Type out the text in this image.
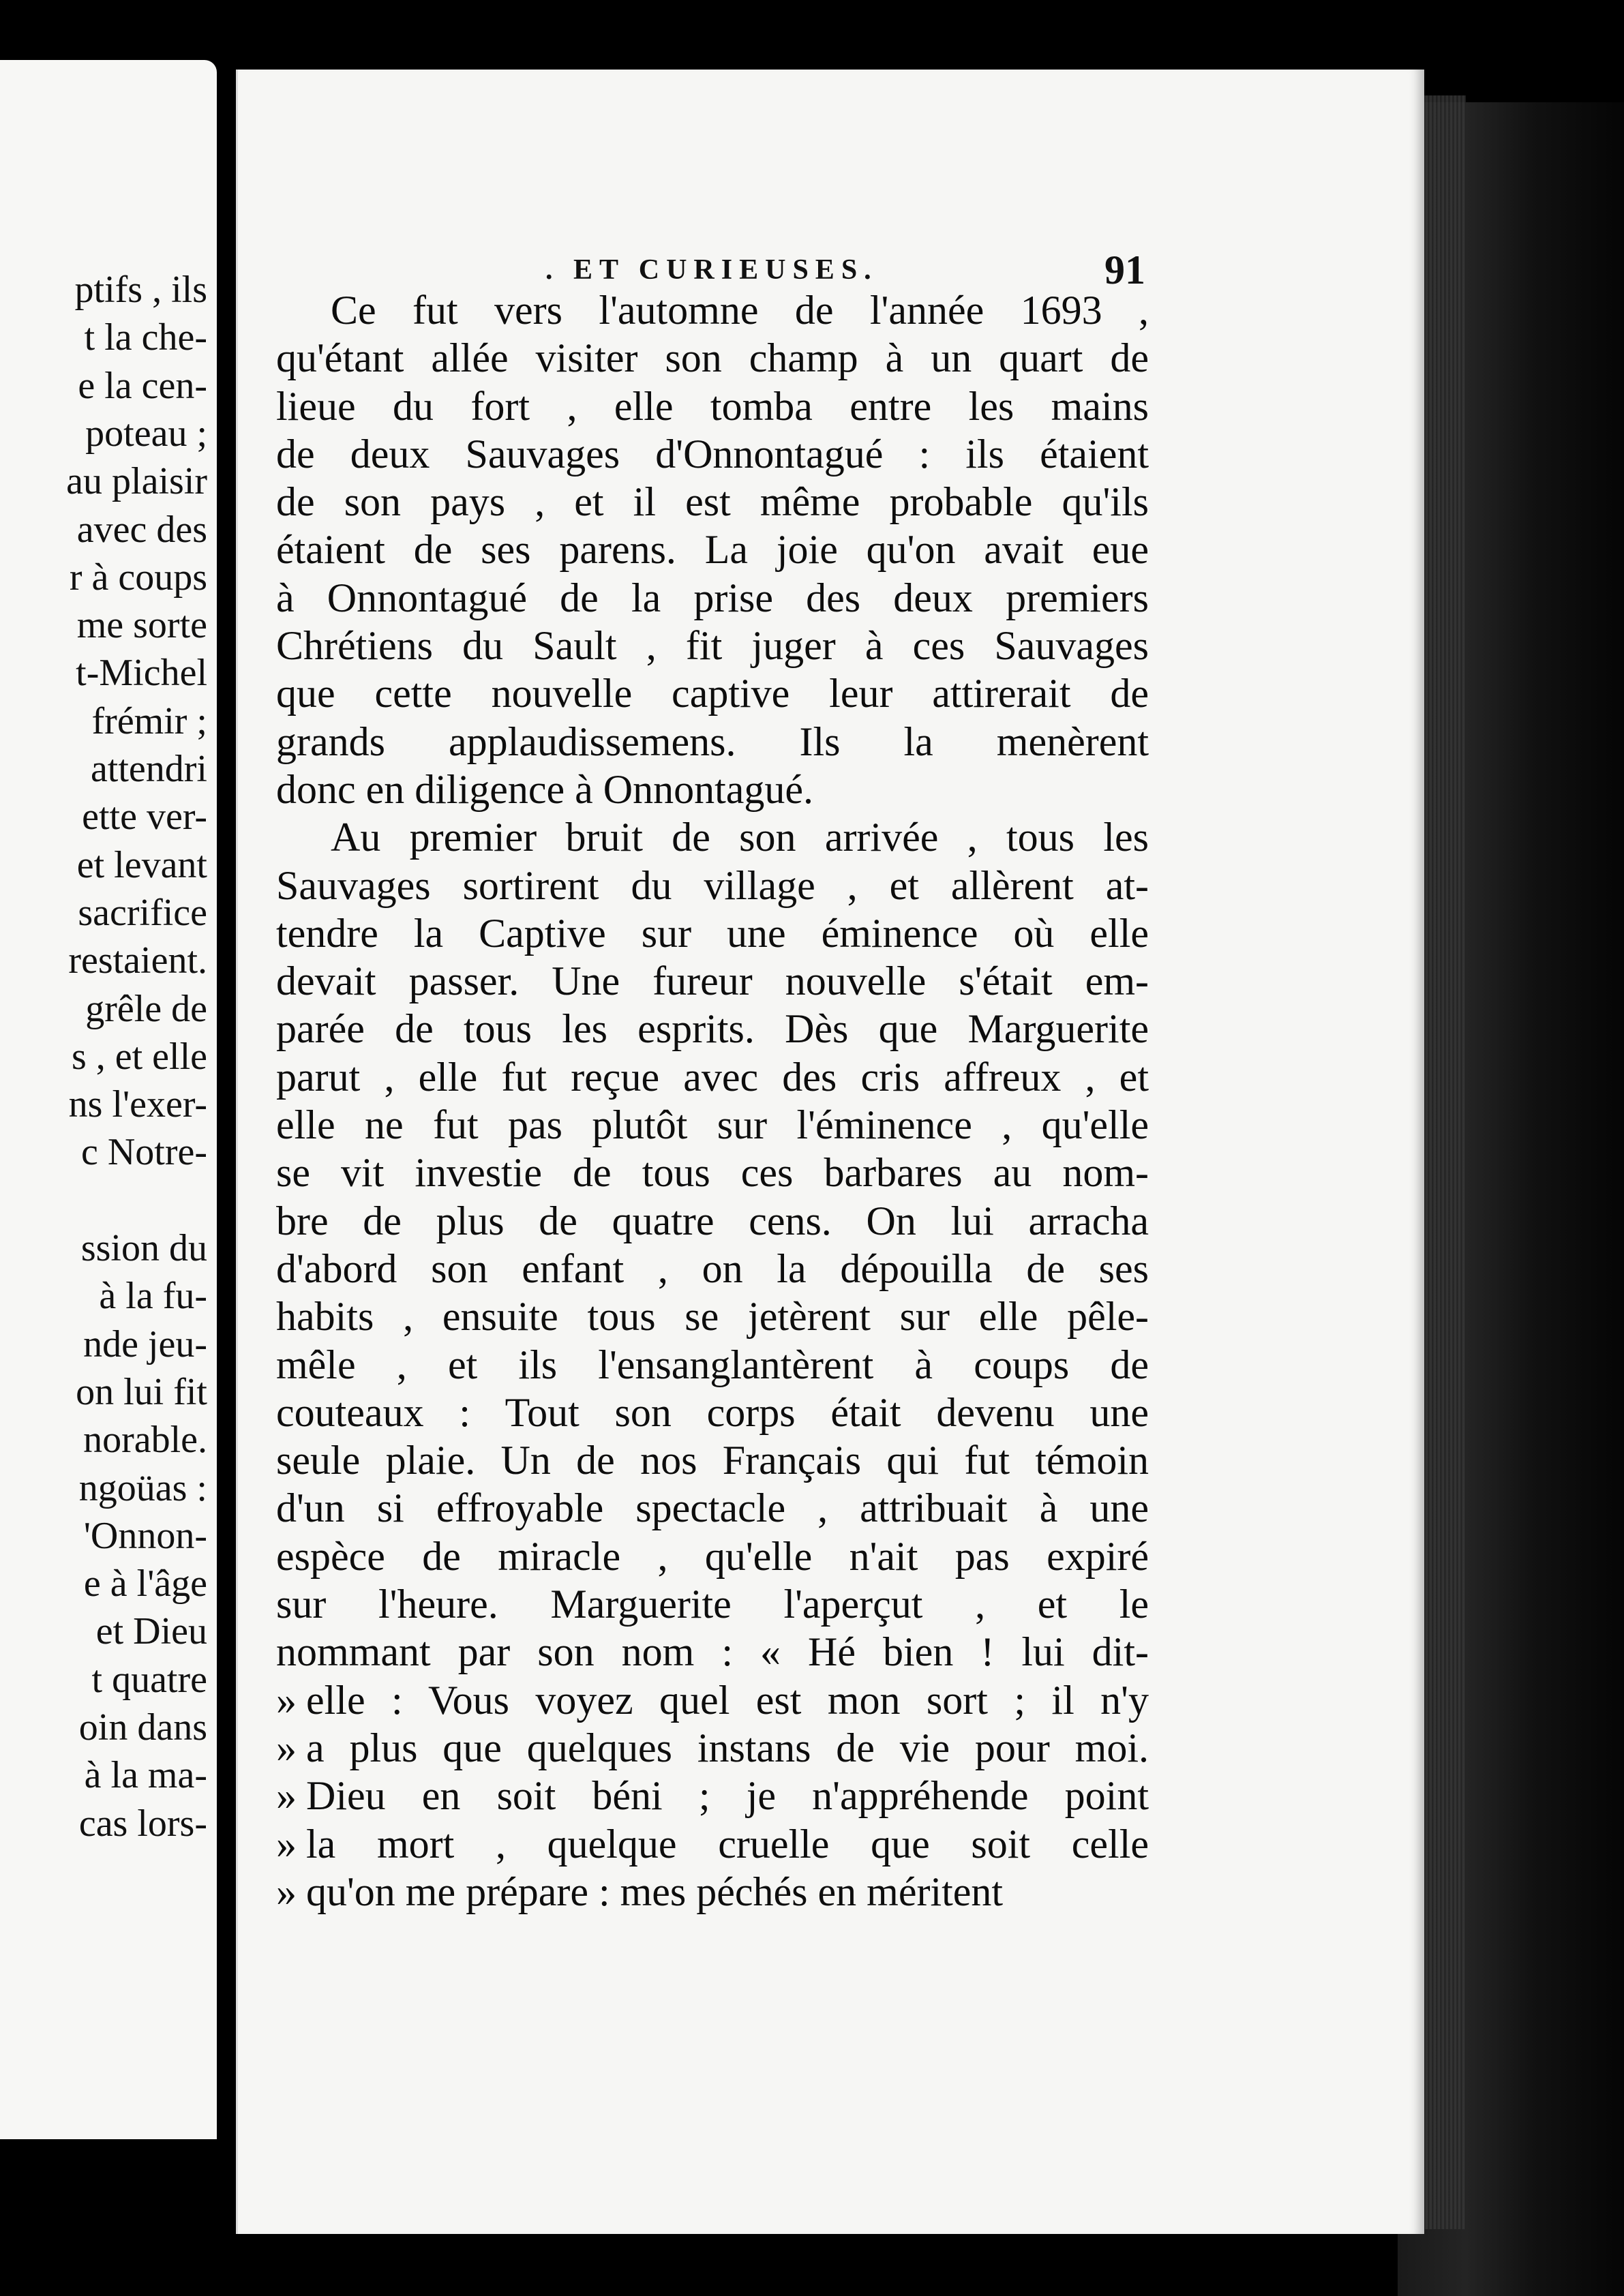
ptifs , ils

t la che-

e la cen-

poteau ;

au plaisir

avec des

r à coups

me sorte

t-Michel

frémir ;

attendri

ette ver-

et levant

sacrifice

restaient.

grêle de

s , et elle

ns l'exer-

c Notre-

ssion du

à la fu-

nde jeu-

on lui fit

norable.

ngoüas :

'Onnon-

e à l'âge

et Dieu

t quatre

oin dans

à la ma-

cas lors-

. ET CURIEUSES.	91
Ce fut vers l'automne de l'année 1693 ,
qu'étant allée visiter son champ à un quart de
lieue du fort , elle tomba entre les mains
de deux Sauvages d'Onnontagué : ils étaient
de son pays , et il est même probable qu'ils
étaient de ses parens. La joie qu'on avait eue
à Onnontagué de la prise des deux premiers
Chrétiens du Sault , fit juger à ces Sauvages
que cette nouvelle captive leur attirerait de
grands applaudissemens. Ils la menèrent
donc en diligence à Onnontagué.
Au premier bruit de son arrivée , tous les
Sauvages sortirent du village , et allèrent at-
tendre la Captive sur une éminence où elle
devait passer. Une fureur nouvelle s'était em-
parée de tous les esprits. Dès que Marguerite
parut , elle fut reçue avec des cris affreux , et
elle ne fut pas plutôt sur l'éminence , qu'elle
se vit investie de tous ces barbares au nom-
bre de plus de quatre cens. On lui arracha
d'abord son enfant , on la dépouilla de ses
habits , ensuite tous se jetèrent sur elle pêle-
mêle , et ils l'ensanglantèrent à coups de
couteaux : Tout son corps était devenu une
seule plaie. Un de nos Français qui fut témoin
d'un si effroyable spectacle , attribuait à une
espèce de miracle , qu'elle n'ait pas expiré
sur l'heure. Marguerite l'aperçut , et le
nommant par son nom : « Hé bien ! lui dit-
» elle : Vous voyez quel est mon sort ; il n'y
» a plus que quelques instans de vie pour moi.
» Dieu en soit béni ; je n'appréhende point
» la mort , quelque cruelle que soit celle
» qu'on me prépare : mes péchés en méritent
